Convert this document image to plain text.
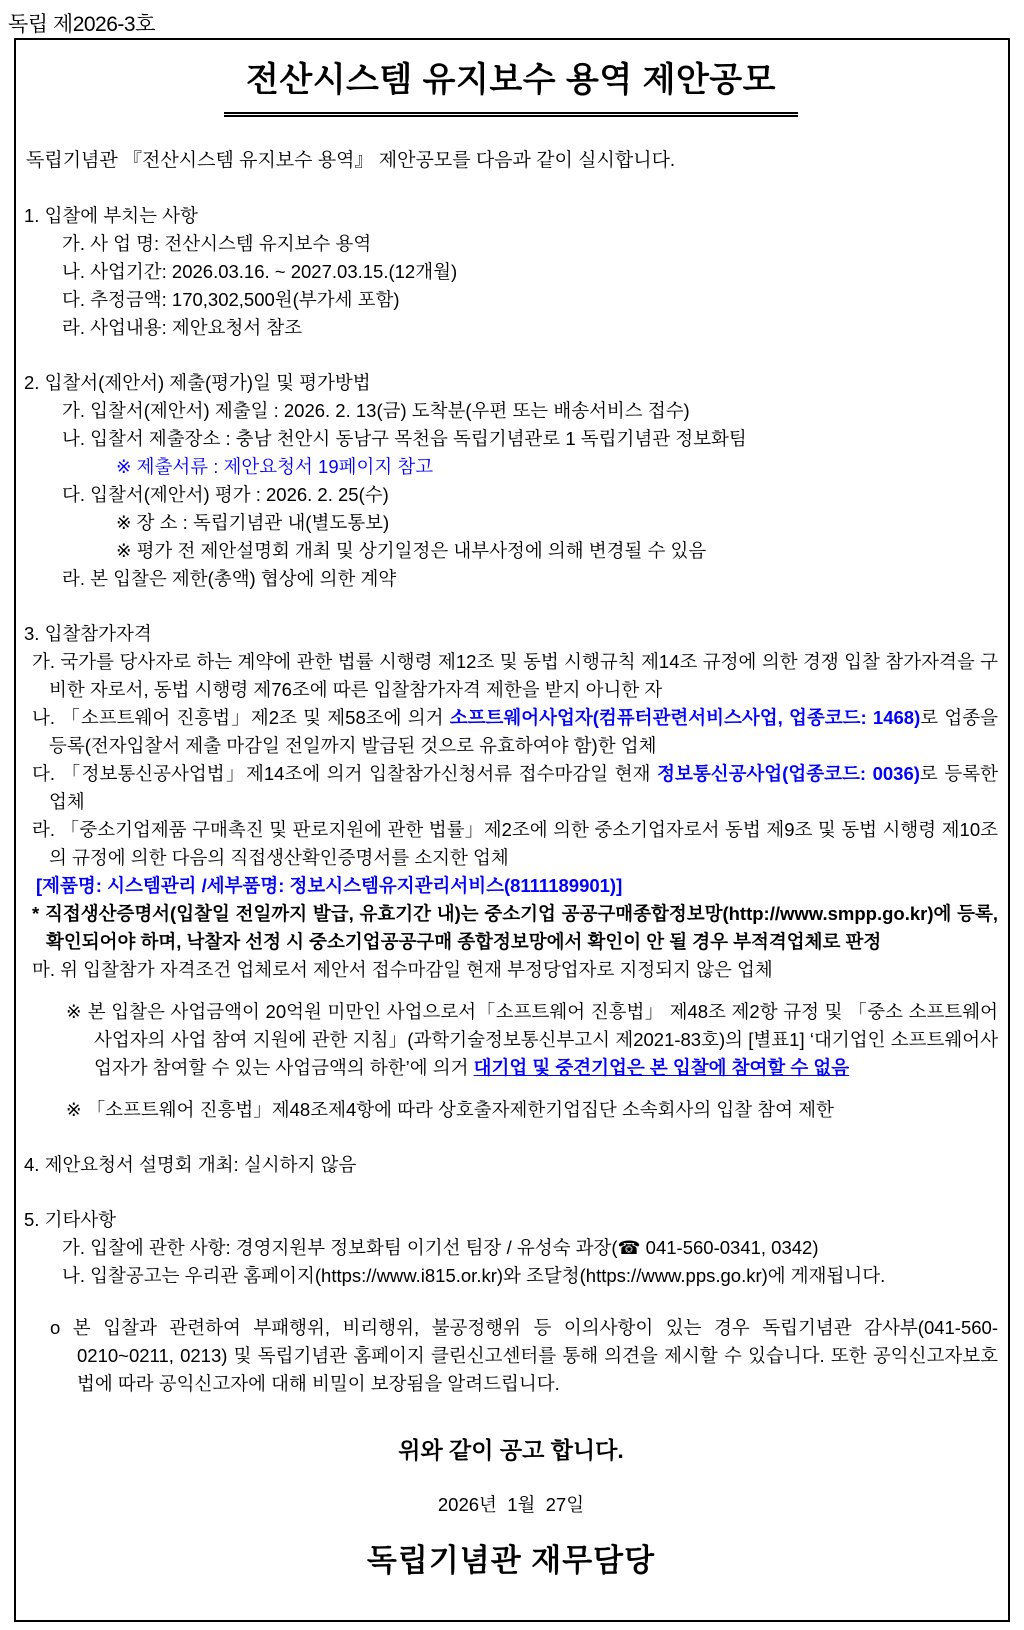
독립 제2026-3호
전산시스템 유지보수 용역 제안공모

독립기념관 『전산시스템 유지보수 용역』 제안공모를 다음과 같이 실시합니다.

1. 입찰에 부치는 사항
가. 사 업 명: 전산시스템 유지보수 용역
나. 사업기간: 2026.03.16. ~ 2027.03.15.(12개월)
다. 추정금액: 170,302,500원(부가세 포함)
라. 사업내용: 제안요청서 참조
2. 입찰서(제안서) 제출(평가)일 및 평가방법
가. 입찰서(제안서) 제출일 : 2026. 2. 13(금) 도착분(우편 또는 배송서비스 접수)
나. 입찰서 제출장소 : 충남 천안시 동남구 목천읍 독립기념관로 1 독립기념관 정보화팀
※ 제출서류 : 제안요청서 19페이지 참고
다. 입찰서(제안서) 평가 : 2026. 2. 25(수)
※ 장 소 : 독립기념관 내(별도통보)
※ 평가 전 제안설명회 개최 및 상기일정은 내부사정에 의해 변경될 수 있음
라. 본 입찰은 제한(총액) 협상에 의한 계약
3. 입찰참가자격
가. 국가를 당사자로 하는 계약에 관한 법률 시행령 제12조 및 동법 시행규칙 제14조 규정에 의한 경쟁 입찰 참가자격을 구비한 자로서, 동법 시행령 제76조에 따른 입찰참가자격 제한을 받지 아니한 자
나. 「소프트웨어 진흥법」제2조 및 제58조에 의거 소프트웨어사업자(컴퓨터관련서비스사업, 업종코드: 1468)로 업종을 등록(전자입찰서 제출 마감일 전일까지 발급된 것으로 유효하여야 함)한 업체
다. 「정보통신공사업법」제14조에 의거 입찰참가신청서류 접수마감일 현재 정보통신공사업(업종코드: 0036)로 등록한 업체
라. 「중소기업제품 구매촉진 및 판로지원에 관한 법률」제2조에 의한 중소기업자로서 동법 제9조 및 동법 시행령 제10조의 규정에 의한 다음의 직접생산확인증명서를 소지한 업체
[제품명: 시스템관리 /세부품명: 정보시스템유지관리서비스(8111189901)]
* 직접생산증명서(입찰일 전일까지 발급, 유효기간 내)는 중소기업 공공구매종합정보망(http://www.smpp.go.kr)에 등록, 확인되어야 하며, 낙찰자 선정 시 중소기업공공구매 종합정보망에서 확인이 안 될 경우 부적격업체로 판정
마. 위 입찰참가 자격조건 업체로서 제안서 접수마감일 현재 부정당업자로 지정되지 않은 업체
※ 본 입찰은 사업금액이 20억원 미만인 사업으로서「소프트웨어 진흥법」 제48조 제2항 규정 및 「중소 소프트웨어사업자의 사업 참여 지원에 관한 지침」(과학기술정보통신부고시 제2021-83호)의 [별표1] ‘대기업인 소프트웨어사업자가 참여할 수 있는 사업금액의 하한’에 의거 대기업 및 중견기업은 본 입찰에 참여할 수 없음
※ 「소프트웨어 진흥법」제48조제4항에 따라 상호출자제한기업집단 소속회사의 입찰 참여 제한
4. 제안요청서 설명회 개최: 실시하지 않음
5. 기타사항
가. 입찰에 관한 사항: 경영지원부 정보화팀 이기선 팀장 / 유성숙 과장(☎ 041-560-0341, 0342)
나. 입찰공고는 우리관 홈페이지(https://www.i815.or.kr)와 조달청(https://www.pps.go.kr)에 게재됩니다.
o 본 입찰과 관련하여 부패행위, 비리행위, 불공정행위 등 이의사항이 있는 경우 독립기념관 감사부(041-560-0210~0211, 0213) 및 독립기념관 홈페이지 클린신고센터를 통해 의견을 제시할 수 있습니다. 또한 공익신고자보호법에 따라 공익신고자에 대해 비밀이 보장됨을 알려드립니다.
위와 같이 공고 합니다.
2026년  1월  27일
독립기념관 재무담당
